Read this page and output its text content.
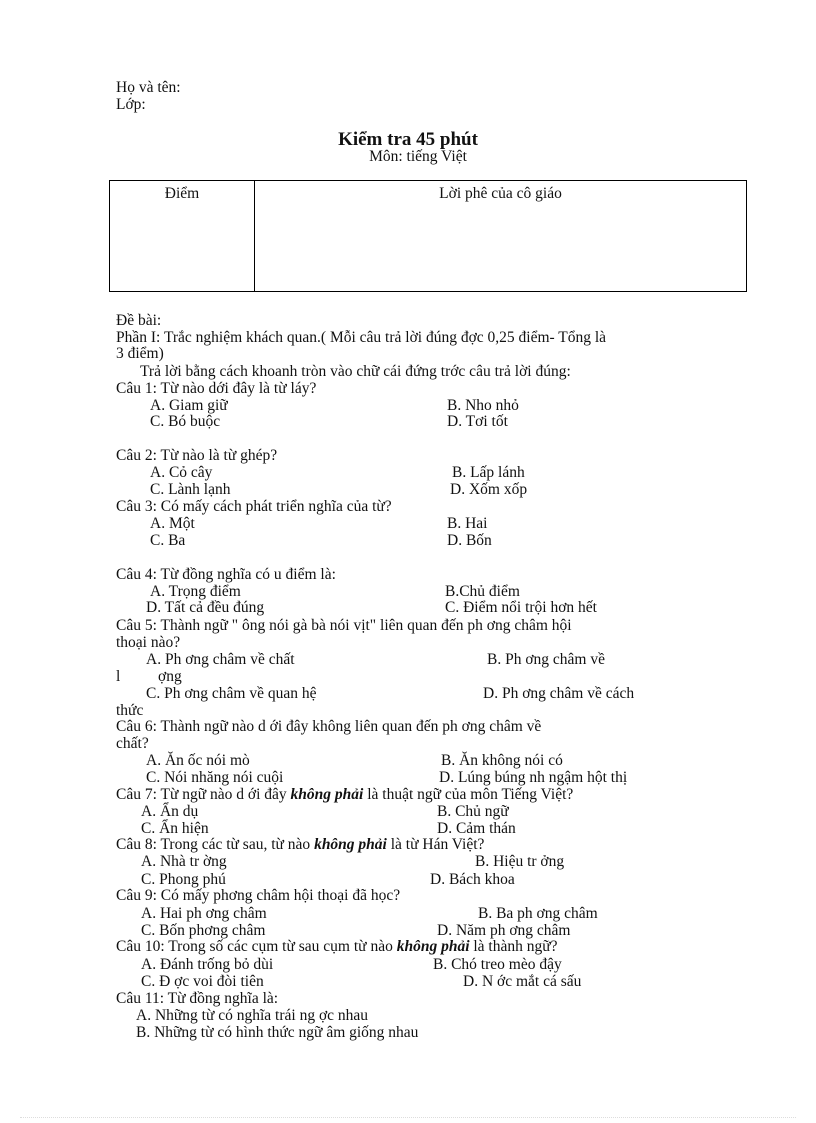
Họ và tên:
Lớp:
Kiểm tra 45 phút
Môn: tiếng Việt
Điểm	Lời phê của cô giáo
Đề bài:
Phần I: Trắc nghiệm khách quan.( Mỗi câu trả lời đúng đợc 0,25 điểm- Tổng là
3 điểm)
Trả lời bằng cách khoanh tròn vào chữ cái đứng trớc câu trả lời đúng:
Câu 1: Từ nào dới đây là từ láy?
A. Giam giữ	B. Nho nhỏ
C. Bó buộc	D. Tơi tốt
Câu 2: Từ nào là từ ghép?
A. Cỏ cây	B. Lấp lánh
C. Lành lạnh	D. Xốm xốp
Câu 3: Có mấy cách phát triển nghĩa của từ?
A. Một	B. Hai
C. Ba	D. Bốn
Câu 4: Từ đồng nghĩa có u điểm là:
A. Trọng điểm	B.Chủ điểm
D. Tất cả đều đúng	C. Điểm nổi trội hơn hết
Câu 5: Thành ngữ " ông nói gà bà nói vịt" liên quan đến ph ơng châm hội
thoại nào?
A. Ph ơng châm về chất	B. Ph ơng châm về
l ợng
C. Ph ơng châm về quan hệ	D. Ph ơng châm về cách
thức
Câu 6: Thành ngữ nào d ới đây không liên quan đến ph ơng châm về
chất?
A. Ăn ốc nói mò	B. Ăn không nói có
C. Nói nhăng nói cuội	D. Lúng búng nh ngậm hột thị
Câu 7: Từ ngữ nào d ới đây không phải là thuật ngữ của môn Tiếng Việt?
A. Ẩn dụ	B. Chủ ngữ
C. Ẩn hiện	D. Cảm thán
Câu 8: Trong các từ sau, từ nào không phải là từ Hán Việt?
A. Nhà tr ờng	B. Hiệu tr ởng
C. Phong phú	D. Bách khoa
Câu 9: Có mấy phơng châm hội thoại đã học?
A. Hai ph ơng châm	B. Ba ph ơng châm
C. Bốn phơng châm	D. Năm ph ơng châm
Câu 10: Trong số các cụm từ sau cụm từ nào không phải là thành ngữ?
A. Đánh trống bỏ dùi	B. Chó treo mèo đậy
C. Đ ợc voi đòi tiên	D. N ớc mắt cá sấu
Câu 11: Từ đồng nghĩa là:
A. Những từ có nghĩa trái ng ợc nhau
B. Những từ có hình thức ngữ âm giống nhau
